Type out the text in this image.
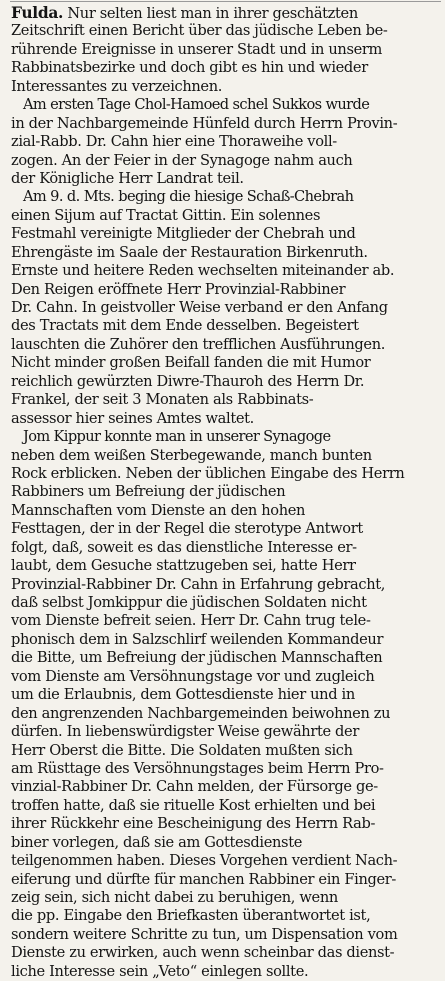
Fulda. Nur selten liest man in ihrer geschätzten
Zeitschrift einen Bericht über das jüdische Leben be-
rührende Ereignisse in unserer Stadt und in unserm
Rabbinatsbezirke und doch gibt es hin und wieder
Interessantes zu verzeichnen.
Am ersten Tage Chol-Hamoed schel Sukkos wurde
in der Nachbargemeinde Hünfeld durch Herrn Provin-
zial-Rabb. Dr. Cahn hier eine Thoraweihe voll-
zogen. An der Feier in der Synagoge nahm auch
der Königliche Herr Landrat teil.
Am 9. d. Mts. beging die hiesige Schaß-Chebrah
einen Sijum auf Tractat Gittin. Ein solennes
Festmahl vereinigte Mitglieder der Chebrah und
Ehrengäste im Saale der Restauration Birkenruth.
Ernste und heitere Reden wechselten miteinander ab.
Den Reigen eröffnete Herr Provinzial-Rabbiner
Dr. Cahn. In geistvoller Weise verband er den Anfang
des Tractats mit dem Ende desselben. Begeistert
lauschten die Zuhörer den trefflichen Ausführungen.
Nicht minder großen Beifall fanden die mit Humor
reichlich gewürzten Diwre-Thauroh des Herrn Dr.
Frankel, der seit 3 Monaten als Rabbinats-
assessor hier seines Amtes waltet.
Jom Kippur konnte man in unserer Synagoge
neben dem weißen Sterbegewande, manch bunten
Rock erblicken. Neben der üblichen Eingabe des Herrn
Rabbiners um Befreiung der jüdischen
Mannschaften vom Dienste an den hohen
Festtagen, der in der Regel die sterotype Antwort
folgt, daß, soweit es das dienstliche Interesse er-
laubt, dem Gesuche stattzugeben sei, hatte Herr
Provinzial-Rabbiner Dr. Cahn in Erfahrung gebracht,
daß selbst Jomkippur die jüdischen Soldaten nicht
vom Dienste befreit seien. Herr Dr. Cahn trug tele-
phonisch dem in Salzschlirf weilenden Kommandeur
die Bitte, um Befreiung der jüdischen Mannschaften
vom Dienste am Versöhnungstage vor und zugleich
um die Erlaubnis, dem Gottesdienste hier und in
den angrenzenden Nachbargemeinden beiwohnen zu
dürfen. In liebenswürdigster Weise gewährte der
Herr Oberst die Bitte. Die Soldaten mußten sich
am Rüsttage des Versöhnungstages beim Herrn Pro-
vinzial-Rabbiner Dr. Cahn melden, der Fürsorge ge-
troffen hatte, daß sie rituelle Kost erhielten und bei
ihrer Rückkehr eine Bescheinigung des Herrn Rab-
biner vorlegen, daß sie am Gottesdienste
teilgenommen haben. Dieses Vorgehen verdient Nach-
eiferung und dürfte für manchen Rabbiner ein Finger-
zeig sein, sich nicht dabei zu beruhigen, wenn
die pp. Eingabe den Briefkasten überantwortet ist,
sondern weitere Schritte zu tun, um Dispensation vom
Dienste zu erwirken, auch wenn scheinbar das dienst-
liche Interesse sein „Veto“ einlegen sollte.
